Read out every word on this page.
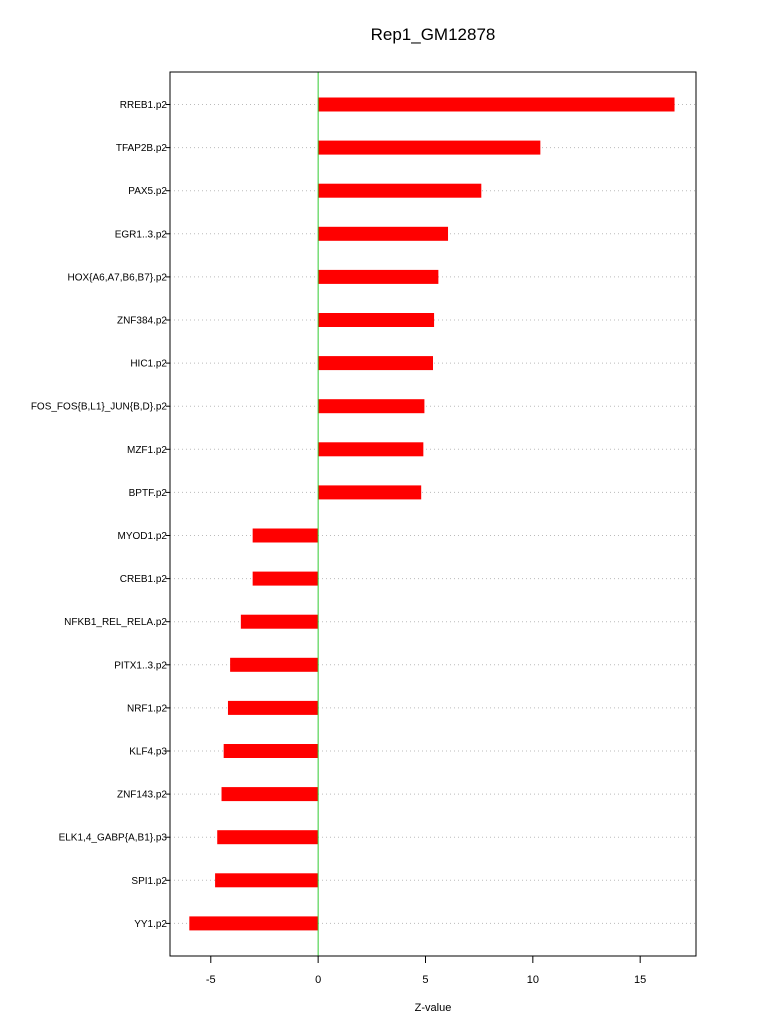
Rep1_GM12878
RREB1.p2
TFAP2B.p2
PAX5.p2
EGR1..3.p2
HOX{A6,A7,B6,B7}.p2
ZNF384.p2
HIC1.p2
FOS_FOS{B,L1}_JUN{B,D}.p2
MZF1.p2
BPTF.p2
MYOD1.p2
CREB1.p2
NFKB1_REL_RELA.p2
PITX1..3.p2
NRF1.p2
KLF4.p3
ZNF143.p2
ELK1,4_GABP{A,B1}.p3
SPI1.p2
YY1.p2
-5	0	5	10	15
Z-value
